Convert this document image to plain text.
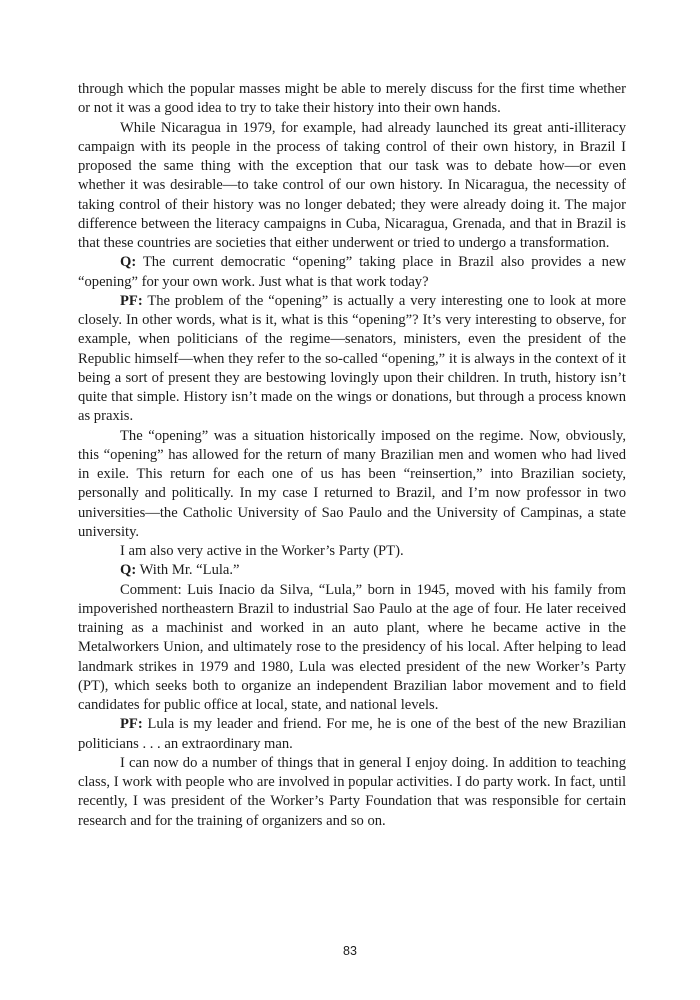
through which the popular masses might be able to merely discuss for the first time whether or not it was a good idea to try to take their history into their own hands.

While Nicaragua in 1979, for example, had already launched its great anti-illiteracy campaign with its people in the process of taking control of their own history, in Brazil I proposed the same thing with the exception that our task was to debate how—or even whether it was desirable—to take control of our own history. In Nicaragua, the necessity of taking control of their history was no longer debated; they were already doing it. The major difference between the literacy campaigns in Cuba, Nicaragua, Grenada, and that in Brazil is that these countries are societies that either underwent or tried to undergo a transformation.

Q: The current democratic “opening” taking place in Brazil also provides a new “opening” for your own work. Just what is that work today?

PF: The problem of the “opening” is actually a very interesting one to look at more closely. In other words, what is it, what is this “opening”? It’s very interesting to observe, for example, when politicians of the regime—senators, ministers, even the president of the Republic himself—when they refer to the so-called “opening,” it is always in the context of it being a sort of present they are bestowing lovingly upon their children. In truth, history isn’t quite that simple. History isn’t made on the wings or donations, but through a process known as praxis.

The “opening” was a situation historically imposed on the regime. Now, obviously, this “opening” has allowed for the return of many Brazilian men and women who had lived in exile. This return for each one of us has been “reinsertion,” into Brazilian society, personally and politically. In my case I returned to Brazil, and I’m now professor in two universities—the Catholic University of Sao Paulo and the University of Campinas, a state university.

I am also very active in the Worker’s Party (PT).

Q: With Mr. “Lula.”

Comment: Luis Inacio da Silva, “Lula,” born in 1945, moved with his family from impoverished northeastern Brazil to industrial Sao Paulo at the age of four. He later received training as a machinist and worked in an auto plant, where he became active in the Metalworkers Union, and ultimately rose to the presidency of his local. After helping to lead landmark strikes in 1979 and 1980, Lula was elected president of the new Worker’s Party (PT), which seeks both to organize an independent Brazilian labor movement and to field candidates for public office at local, state, and national levels.

PF: Lula is my leader and friend. For me, he is one of the best of the new Brazilian politicians . . . an extraordinary man.

I can now do a number of things that in general I enjoy doing. In addition to teaching class, I work with people who are involved in popular activities. I do party work. In fact, until recently, I was president of the Worker’s Party Foundation that was responsible for certain research and for the training of organizers and so on.

83
